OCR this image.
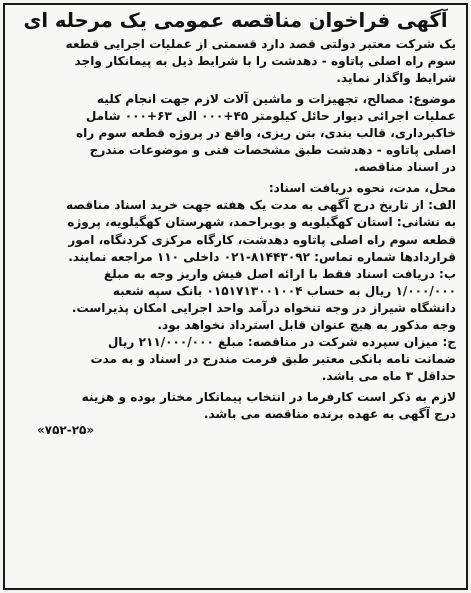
آگهی فراخوان مناقصه عمومی یک مرحله ای
یک شرکت معتبر دولتی قصد دارد قسمتی از عملیات اجرایی قطعه
سوم راه اصلی پاتاوه - دهدشت را با شرایط ذیل به پیمانکار واجد
شرایط واگذار نماید.
موضوع: مصالح، تجهیزات و ماشین آلات لازم جهت انجام کلیه
عملیات اجرائی دیوار حائل کیلومتر ۴۵+۰۰۰ الی ۶۳+۰۰۰ شامل
خاکبرداری، قالب بندی، بتن ریزی، واقع در پروژه قطعه سوم راه
اصلی پاتاوه - دهدشت طبق مشخصات فنی و موضوعات مندرج
در اسناد مناقصه.
محل، مدت، نحوه دریافت اسناد:
الف: از تاریخ درج آگهی به مدت یک هفته جهت خرید اسناد مناقصه
به نشانی: استان کهگیلویه و بویراحمد، شهرستان کهگیلویه، پروژه
قطعه سوم راه اصلی پاتاوه دهدشت، کارگاه مرکزی کردنگاه، امور
قراردادها شماره تماس: ۸۱۴۴۳۰۹۲-۰۲۱ داخلی ۱۱۰ مراجعه نمایند.
ب: دریافت اسناد فقط با ارائه اصل فیش واریز وجه به مبلغ
۱/۰۰۰/۰۰۰ ریال به حساب ۰۱۵۱۷۱۳۰۰۱۰۰۴ بانک سپه شعبه
دانشگاه شیراز در وجه تنخواه درآمد واحد اجرایی امکان پذیراست.
وجه مذکور به هیچ عنوان قابل استرداد نخواهد بود.
ج: میزان سپرده شرکت در مناقصه: مبلغ ۲۱۱/۰۰۰/۰۰۰ ریال
ضمانت نامه بانکی معتبر طبق فرمت مندرج در اسناد و به مدت
حداقل ۳ ماه می باشد.
لازم به ذکر است کارفرما در انتخاب پیمانکار مختار بوده و هزینه
درج آگهی به عهده برنده مناقصه می باشد.
«۷۵۲-۲۵»
